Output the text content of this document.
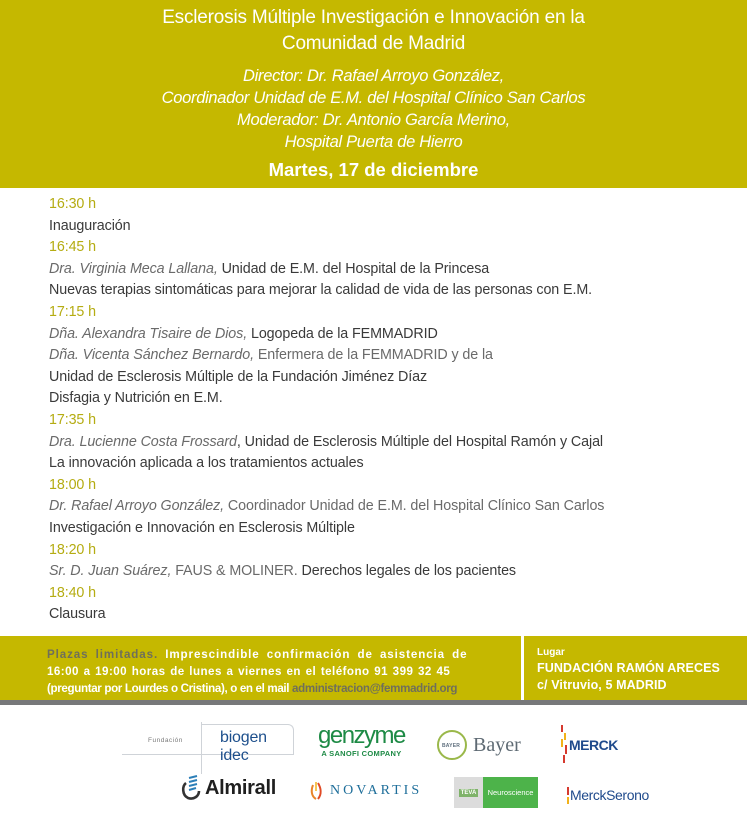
Esclerosis Múltiple Investigación e Innovación en la
Comunidad de Madrid
Director: Dr. Rafael Arroyo González,
Coordinador Unidad de E.M. del Hospital Clínico San Carlos
Moderador: Dr. Antonio García Merino,
Hospital Puerta de Hierro
Martes, 17 de diciembre
16:30 h
Inauguración
16:45 h
Dra. Virginia Meca Lallana, Unidad de E.M. del Hospital de la Princesa
Nuevas terapias sintomáticas para mejorar la calidad de vida de las personas con E.M.
17:15 h
Dña. Alexandra Tisaire de Dios, Logopeda de la FEMMADRID
Dña. Vicenta Sánchez Bernardo, Enfermera de la FEMMADRID y de la
Unidad de Esclerosis Múltiple de la Fundación Jiménez Díaz
Disfagia y Nutrición en E.M.
17:35 h
Dra. Lucienne Costa Frossard, Unidad de Esclerosis Múltiple del Hospital Ramón y Cajal
La innovación aplicada a los tratamientos actuales
18:00 h
Dr. Rafael Arroyo González, Coordinador Unidad de E.M. del Hospital Clínico San Carlos
Investigación e Innovación en Esclerosis Múltiple
18:20 h
Sr. D. Juan Suárez, FAUS & MOLINER. Derechos legales de los pacientes
18:40 h
Clausura
Plazas limitadas. Imprescindible confirmación de asistencia de
16:00 a 19:00 horas de lunes a viernes en el teléfono 91 399 32 45
(preguntar por Lourdes o Cristina), o en el mail administracion@femmadrid.org
Lugar
FUNDACIÓN RAMÓN ARECES
c/ Vitruvio, 5 MADRID
Fundación biogen idec
genzyme
A SANOFI COMPANY
BAYER Bayer	MERCK
Almirall	NOVARTIS	TEVA	Neuroscience	MerckSerono
